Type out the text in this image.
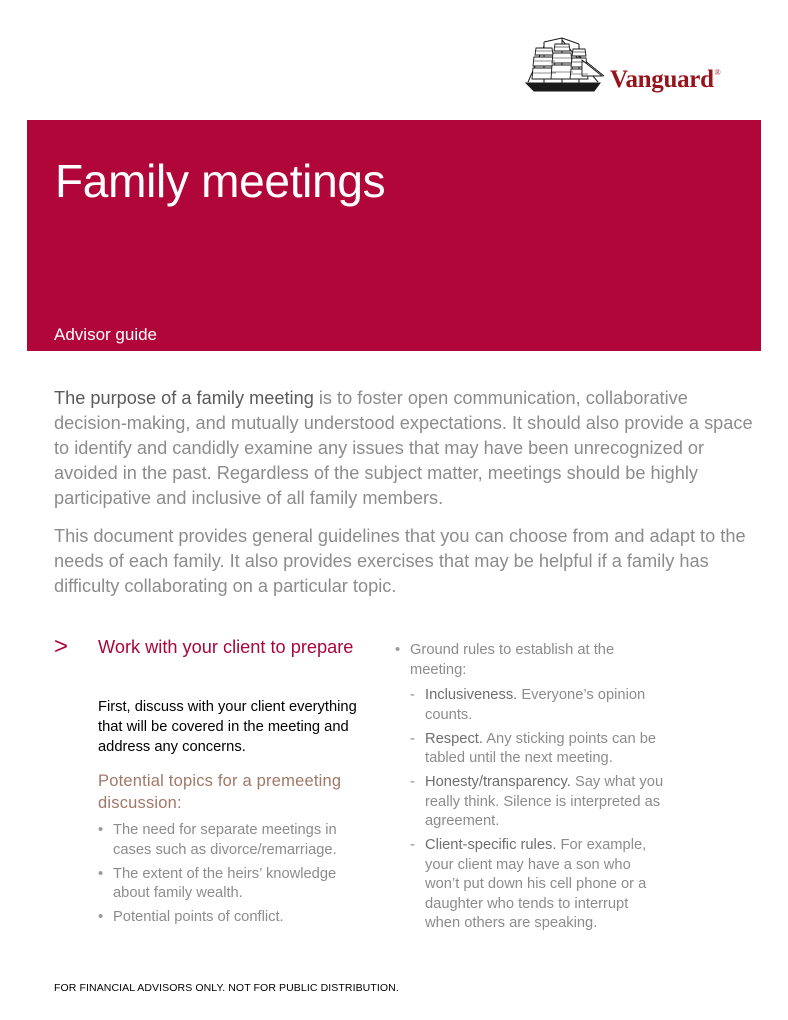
Vanguard®
Family meetings
Advisor guide

The purpose of a family meeting is to foster open communication, collaborative decision-making, and mutually understood expectations. It should also provide a space to identify and candidly examine any issues that may have been unrecognized or avoided in the past. Regardless of the subject matter, meetings should be highly participative and inclusive of all family members.

This document provides general guidelines that you can choose from and adapt to the needs of each family. It also provides exercises that may be helpful if a family has difficulty collaborating on a particular topic.

> Work with your client to prepare

First, discuss with your client everything that will be covered in the meeting and address any concerns.

Potential topics for a premeeting discussion:

• The need for separate meetings in cases such as divorce/remarriage.
• The extent of the heirs’ knowledge about family wealth.
• Potential points of conflict.
• Ground rules to establish at the meeting:
- Inclusiveness. Everyone’s opinion counts.
- Respect. Any sticking points can be tabled until the next meeting.
- Honesty/transparency. Say what you really think. Silence is interpreted as agreement.
- Client-specific rules. For example, your client may have a son who won’t put down his cell phone or a daughter who tends to interrupt when others are speaking.
FOR FINANCIAL ADVISORS ONLY. NOT FOR PUBLIC DISTRIBUTION.
